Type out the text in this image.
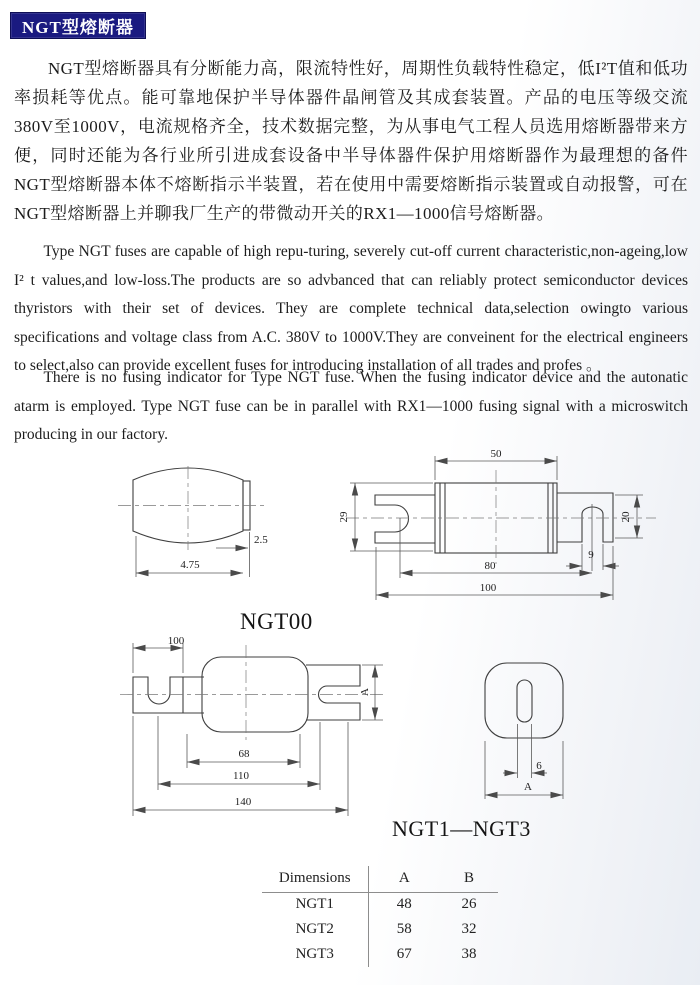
NGT型熔断器

NGT型熔断器具有分断能力高，限流特性好，周期性负载特性稳定，低I²T值和低功率损耗等优点。能可靠地保护半导体器件晶闸管及其成套装置。产品的电压等级交流380V至1000V，电流规格齐全，技术数据完整，为从事电气工程人员选用熔断器带来方便，同时还能为各行业所引进成套设备中半导体器件保护用熔断器作为最理想的备件NGT型熔断器本体不熔断指示半装置，若在使用中需要熔断指示装置或自动报警，可在NGT型熔断器上并聊我厂生产的带微动开关的RX1—1000信号熔断器。

Type NGT fuses are capable of high repu-turing, severely cut-off current characteristic,non-ageing,low I² t values,and low-loss.The products are so advbanced that can reliably protect semiconductor devices thyristors with their set of devices. They are complete technical data,selection owingto various specifications and voltage class from A.C. 380V to 1000V.They are conveinent for the electrical engineers to select,also can provide excellent fuses for introducing installation of all trades and profes 。

There is no fusing indicator for Type NGT fuse. When the fusing indicator device and the autonatic atarm is employed. Type NGT fuse can be in parallel with RX1—1000 fusing signal with a microswitch producing in our factory.

2.5
4.75
50
29	20
9
80
100
100
68
110
140
A
6
A
NGT00
NGT1—NGT3
Dimensions	A	B
NGT1	48	26
NGT2	58	32
NGT3	67	38
